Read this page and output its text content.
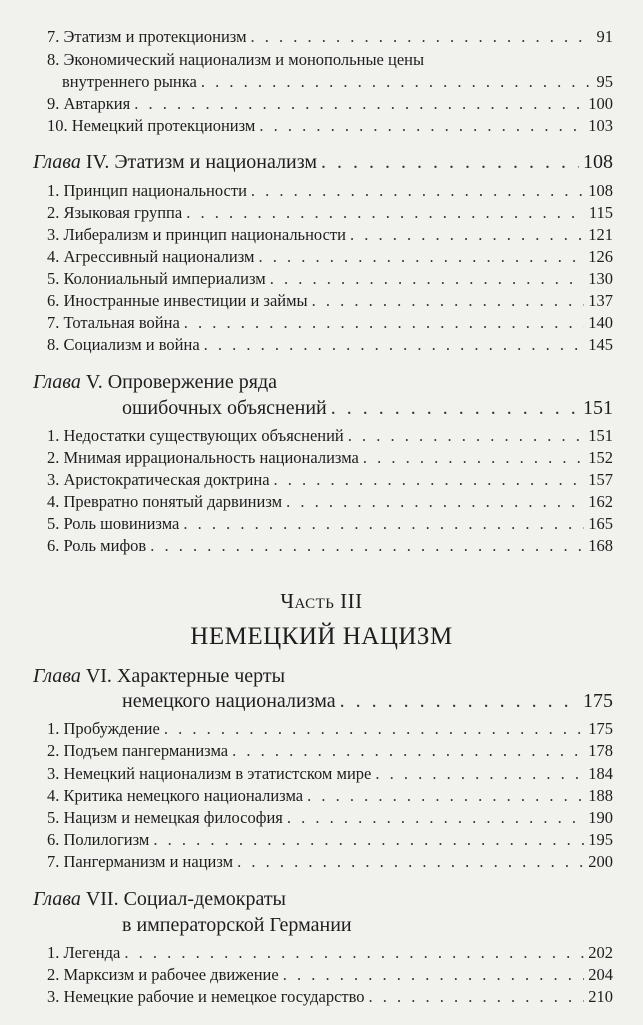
7. Этатизм и протекционизм . . .	91
8. Экономический национализм и монопольные цены
внутреннего рынка . . .	95
9. Автаркия . . .	100
10. Немецкий протекционизм . . .	103
Глава IV. Этатизм и национализм . . .	108
1. Принцип национальности . . .	108
2. Языковая группа . . .	115
3. Либерализм и принцип национальности . . .	121
4. Агрессивный национализм . . .	126
5. Колониальный империализм . . .	130
6. Иностранные инвестиции и займы . . .	137
7. Тотальная война . . .	140
8. Социализм и война . . .	145
Глава V. Опровержение ряда
ошибочных объяснений . . .	151
1. Недостатки существующих объяснений . . .	151
2. Мнимая иррациональность национализма . . .	152
3. Аристократическая доктрина . . .	157
4. Превратно понятый дарвинизм . . .	162
5. Роль шовинизма . . .	165
6. Роль мифов . . .	168
Часть III
НЕМЕЦКИЙ НАЦИЗМ
Глава VI. Характерные черты
немецкого национализма . . .	175
1. Пробуждение . . .	175
2. Подъем пангерманизма . . .	178
3. Немецкий национализм в этатистском мире . . .	184
4. Критика немецкого национализма . . .	188
5. Нацизм и немецкая философия . . .	190
6. Полилогизм . . .	195
7. Пангерманизм и нацизм . . .	200
Глава VII. Социал-демократы
в императорской Германии
1. Легенда . . .	202
2. Марксизм и рабочее движение . . .	204
3. Немецкие рабочие и немецкое государство . . .	210
